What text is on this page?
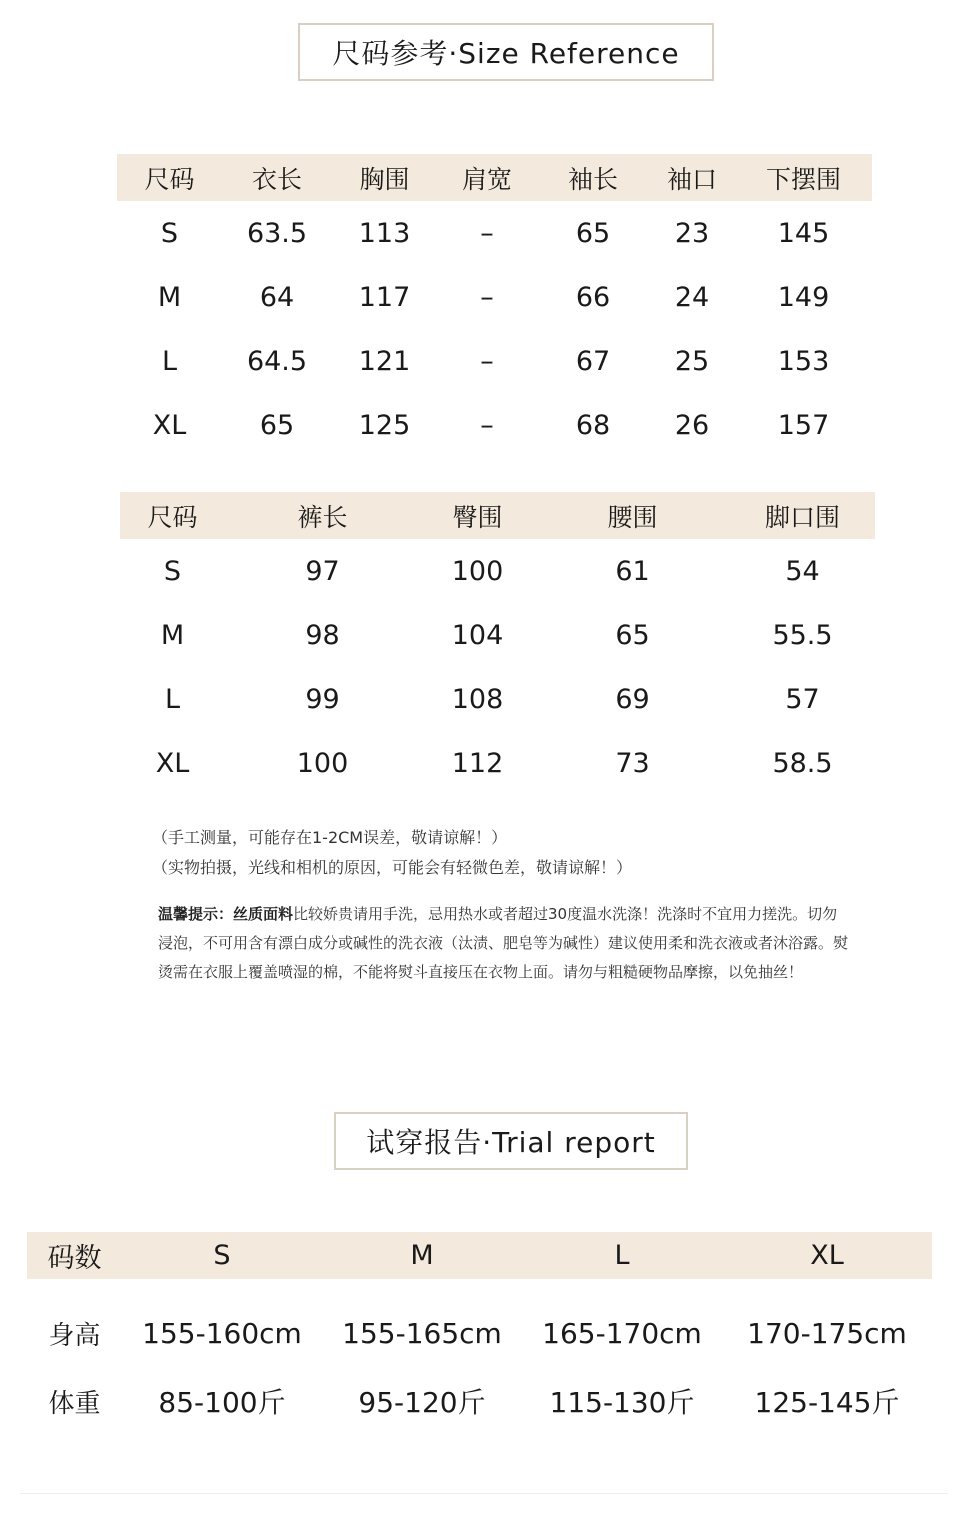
尺码参考·Size Reference
尺码	衣长	胸围	肩宽	袖长	袖口	下摆围
S	63.5	113	–	65	23	145
M	64	117	–	66	24	149
L	64.5	121	–	67	25	153
XL	65	125	–	68	26	157
尺码	裤长	臀围	腰围	脚口围
S	97	100	61	54
M	98	104	65	55.5
L	99	108	69	57
XL	100	112	73	58.5
（手工测量，可能存在1-2CM误差，敬请谅解！）
（实物拍摄，光线和相机的原因，可能会有轻微色差，敬请谅解！）
温馨提示：丝质面料比较娇贵请用手洗，忌用热水或者超过30度温水洗涤！洗涤时不宜用力搓洗。切勿浸泡，不可用含有漂白成分或碱性的洗衣液（汰渍、肥皂等为碱性）建议使用柔和洗衣液或者沐浴露。熨烫需在衣服上覆盖喷湿的棉，不能将熨斗直接压在衣物上面。请勿与粗糙硬物品摩擦，以免抽丝！
试穿报告·Trial report
码数	S	M	L	XL

身高	155-160cm	155-165cm	165-170cm	170-175cm
体重	85-100斤	95-120斤	115-130斤	125-145斤
